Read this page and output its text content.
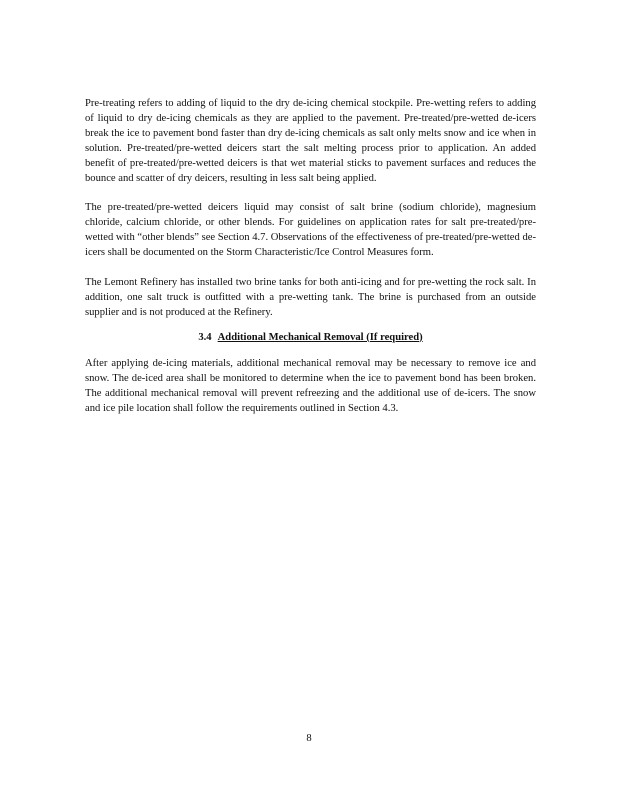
Pre-treating refers to adding of liquid to the dry de-icing chemical stockpile. Pre-wetting refers to adding of liquid to dry de-icing chemicals as they are applied to the pavement. Pre-treated/pre-wetted de-icers break the ice to pavement bond faster than dry de-icing chemicals as salt only melts snow and ice when in solution. Pre-treated/pre-wetted deicers start the salt melting process prior to application. An added benefit of pre-treated/pre-wetted deicers is that wet material sticks to pavement surfaces and reduces the bounce and scatter of dry deicers, resulting in less salt being applied.

The pre-treated/pre-wetted deicers liquid may consist of salt brine (sodium chloride), magnesium chloride, calcium chloride, or other blends. For guidelines on application rates for salt pre-treated/pre-wetted with “other blends” see Section 4.7. Observations of the effectiveness of pre-treated/pre-wetted de-icers shall be documented on the Storm Characteristic/Ice Control Measures form.

The Lemont Refinery has installed two brine tanks for both anti-icing and for pre-wetting the rock salt. In addition, one salt truck is outfitted with a pre-wetting tank. The brine is purchased from an outside supplier and is not produced at the Refinery.

3.4 Additional Mechanical Removal (If required)

After applying de-icing materials, additional mechanical removal may be necessary to remove ice and snow. The de-iced area shall be monitored to determine when the ice to pavement bond has been broken. The additional mechanical removal will prevent refreezing and the additional use of de-icers. The snow and ice pile location shall follow the requirements outlined in Section 4.3.

8
